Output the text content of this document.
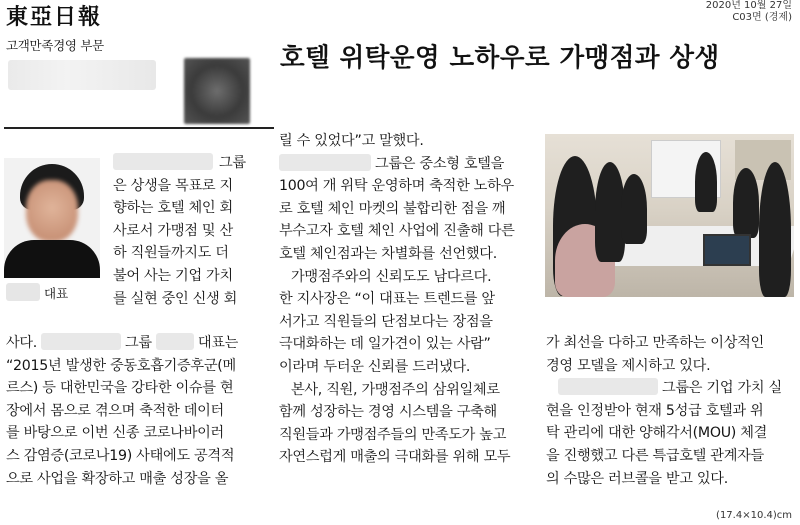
東亞日報	2020년 10월 27일
C03면 (경제)
고객만족경영 부문	호텔 위탁운영 노하우로 가맹점과 상생
대표
그룹
은 상생을 목표로 지
향하는 호텔 체인 회
사로서 가맹점 및 산
하 직원들까지도 더
불어 사는 기업 가치
를 실현 중인 신생 회
사다.	그룹	대표는
“2015년 발생한 중동호흡기증후군(메
르스) 등 대한민국을 강타한 이슈를 현
장에서 몸으로 겪으며 축적한 데이터
를 바탕으로 이번 신종 코로나바이러
스 감염증(코로나19) 사태에도 공격적
으로 사업을 확장하고 매출 성장을 올
릴 수 있었다”고 말했다.
그룹은 중소형 호텔을
100여 개 위탁 운영하며 축적한 노하우
로 호텔 체인 마켓의 불합리한 점을 깨
부수고자 호텔 체인 사업에 진출해 다른
호텔 체인점과는 차별화를 선언했다.
가맹점주와의 신뢰도도 남다르다.
한 지사장은 “이 대표는 트렌드를 앞
서가고 직원들의 단점보다는 장점을
극대화하는 데 일가견이 있는 사람”
이라며 두터운 신뢰를 드러냈다.
본사, 직원, 가맹점주의 삼위일체로
함께 성장하는 경영 시스템을 구축해
직원들과 가맹점주들의 만족도가 높고
자연스럽게 매출의 극대화를 위해 모두
가 최선을 다하고 만족하는 이상적인
경영 모델을 제시하고 있다.
그룹은 기업 가치 실
현을 인정받아 현재 5성급 호텔과 위
탁 관리에 대한 양해각서(MOU) 체결
을 진행했고 다른 특급호텔 관계자들
의 수많은 러브콜을 받고 있다.
(17.4×10.4)cm
